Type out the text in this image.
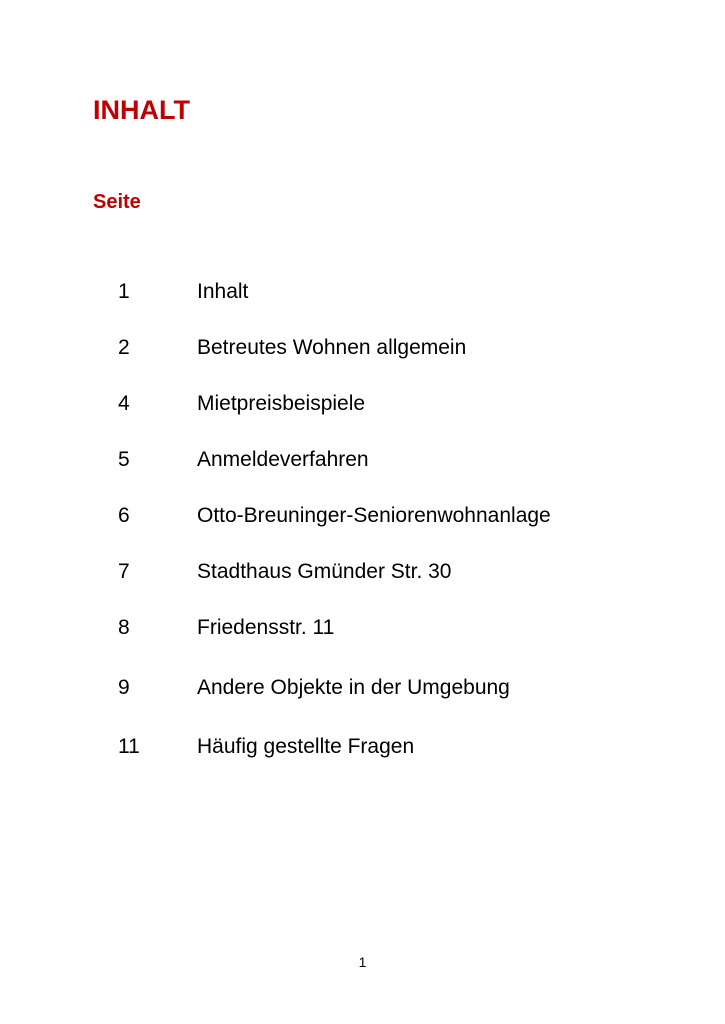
INHALT
Seite
1	Inhalt
2	Betreutes Wohnen allgemein
4	Mietpreisbeispiele
5	Anmeldeverfahren
6	Otto-Breuninger-Seniorenwohnanlage
7	Stadthaus Gmünder Str. 30
8	Friedensstr. 11
9	Andere Objekte in der Umgebung
11	Häufig gestellte Fragen
1
